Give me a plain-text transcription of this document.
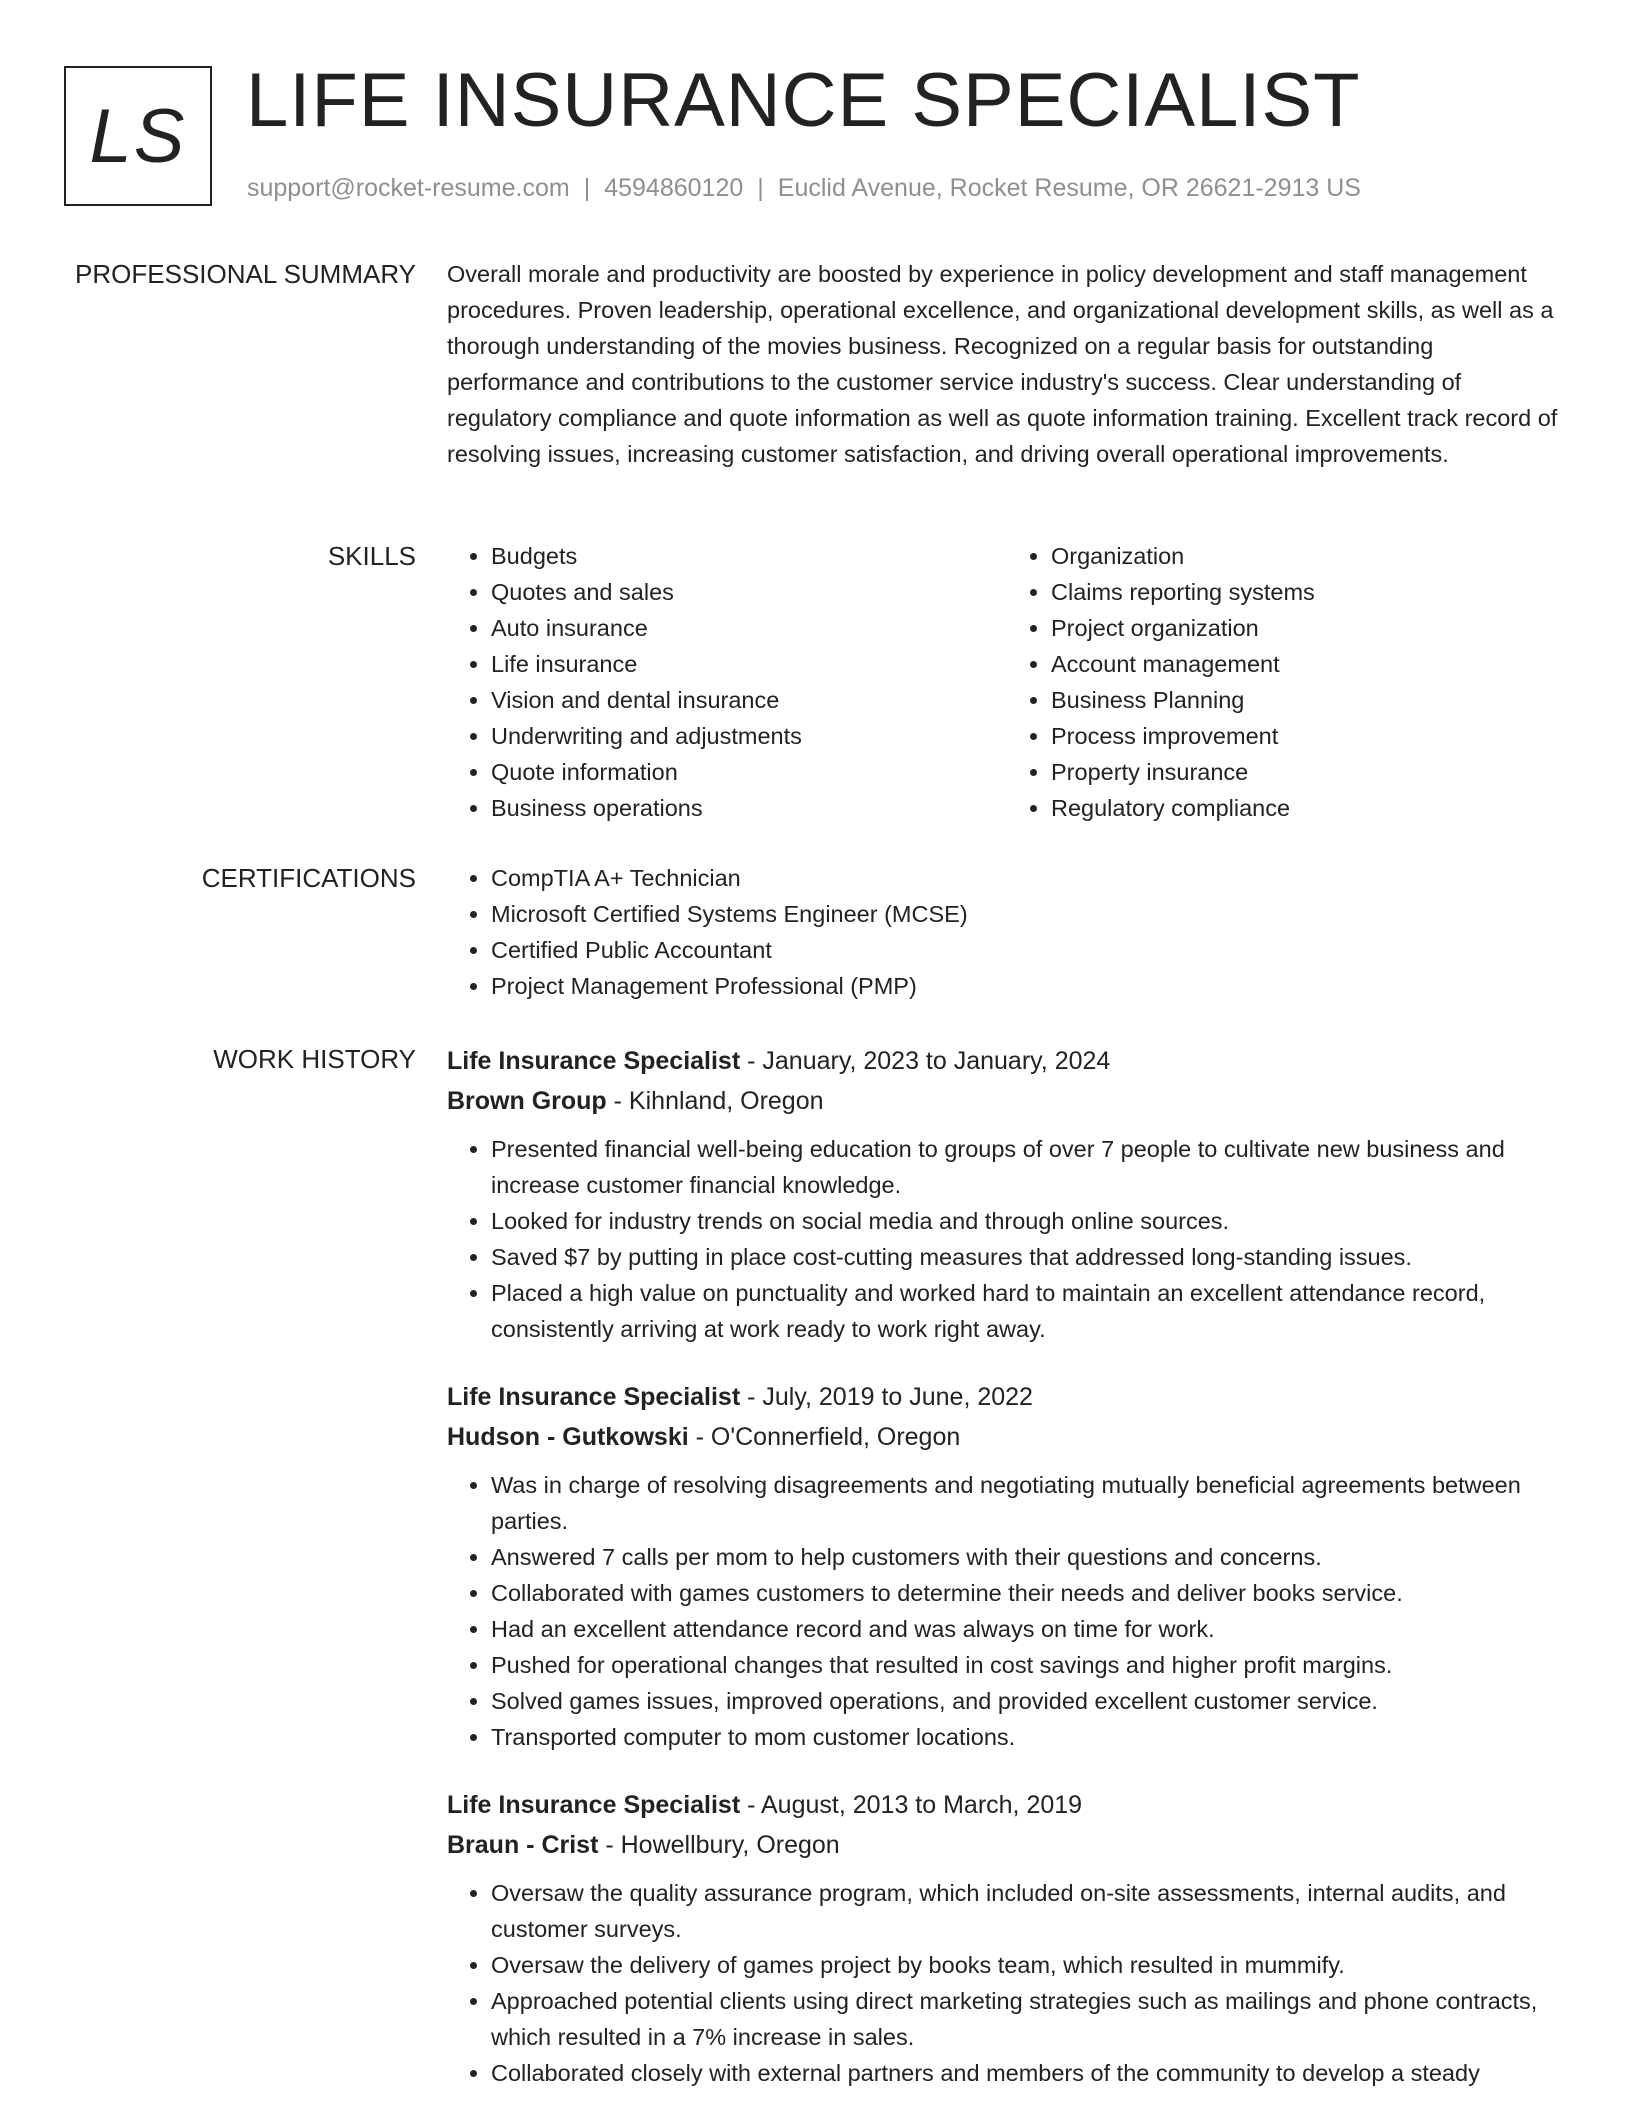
LS LIFE INSURANCE SPECIALIST
support@rocket-resume.com | 4594860120 | Euclid Avenue, Rocket Resume, OR 26621-2913 US
PROFESSIONAL SUMMARY Overall morale and productivity are boosted by experience in policy development and staff management procedures. Proven leadership, operational excellence, and organizational development skills, as well as a thorough understanding of the movies business. Recognized on a regular basis for outstanding performance and contributions to the customer service industry's success. Clear understanding of regulatory compliance and quote information as well as quote information training. Excellent track record of resolving issues, increasing customer satisfaction, and driving overall operational improvements.

SKILLS	• Budgets
• Quotes and sales
• Auto insurance
• Life insurance
• Vision and dental insurance
• Underwriting and adjustments
• Quote information
• Business operations
• Organization
• Claims reporting systems
• Project organization
• Account management
• Business Planning
• Process improvement
• Property insurance
• Regulatory compliance
CERTIFICATIONS	• CompTIA A+ Technician
• Microsoft Certified Systems Engineer (MCSE)
• Certified Public Accountant
• Project Management Professional (PMP)
WORK HISTORY Life Insurance Specialist - January, 2023 to January, 2024
Brown Group - Kihnland, Oregon
• Presented financial well-being education to groups of over 7 people to cultivate new business and increase customer financial knowledge.
• Looked for industry trends on social media and through online sources.
• Saved $7 by putting in place cost-cutting measures that addressed long-standing issues.
• Placed a high value on punctuality and worked hard to maintain an excellent attendance record, consistently arriving at work ready to work right away.
Life Insurance Specialist - July, 2019 to June, 2022
Hudson - Gutkowski - O'Connerfield, Oregon
• Was in charge of resolving disagreements and negotiating mutually beneficial agreements between parties.
• Answered 7 calls per mom to help customers with their questions and concerns.
• Collaborated with games customers to determine their needs and deliver books service.
• Had an excellent attendance record and was always on time for work.
• Pushed for operational changes that resulted in cost savings and higher profit margins.
• Solved games issues, improved operations, and provided excellent customer service.
• Transported computer to mom customer locations.
Life Insurance Specialist - August, 2013 to March, 2019
Braun - Crist - Howellbury, Oregon
• Oversaw the quality assurance program, which included on-site assessments, internal audits, and customer surveys.
• Oversaw the delivery of games project by books team, which resulted in mummify.
• Approached potential clients using direct marketing strategies such as mailings and phone contracts, which resulted in a 7% increase in sales.
• Collaborated closely with external partners and members of the community to develop a steady
